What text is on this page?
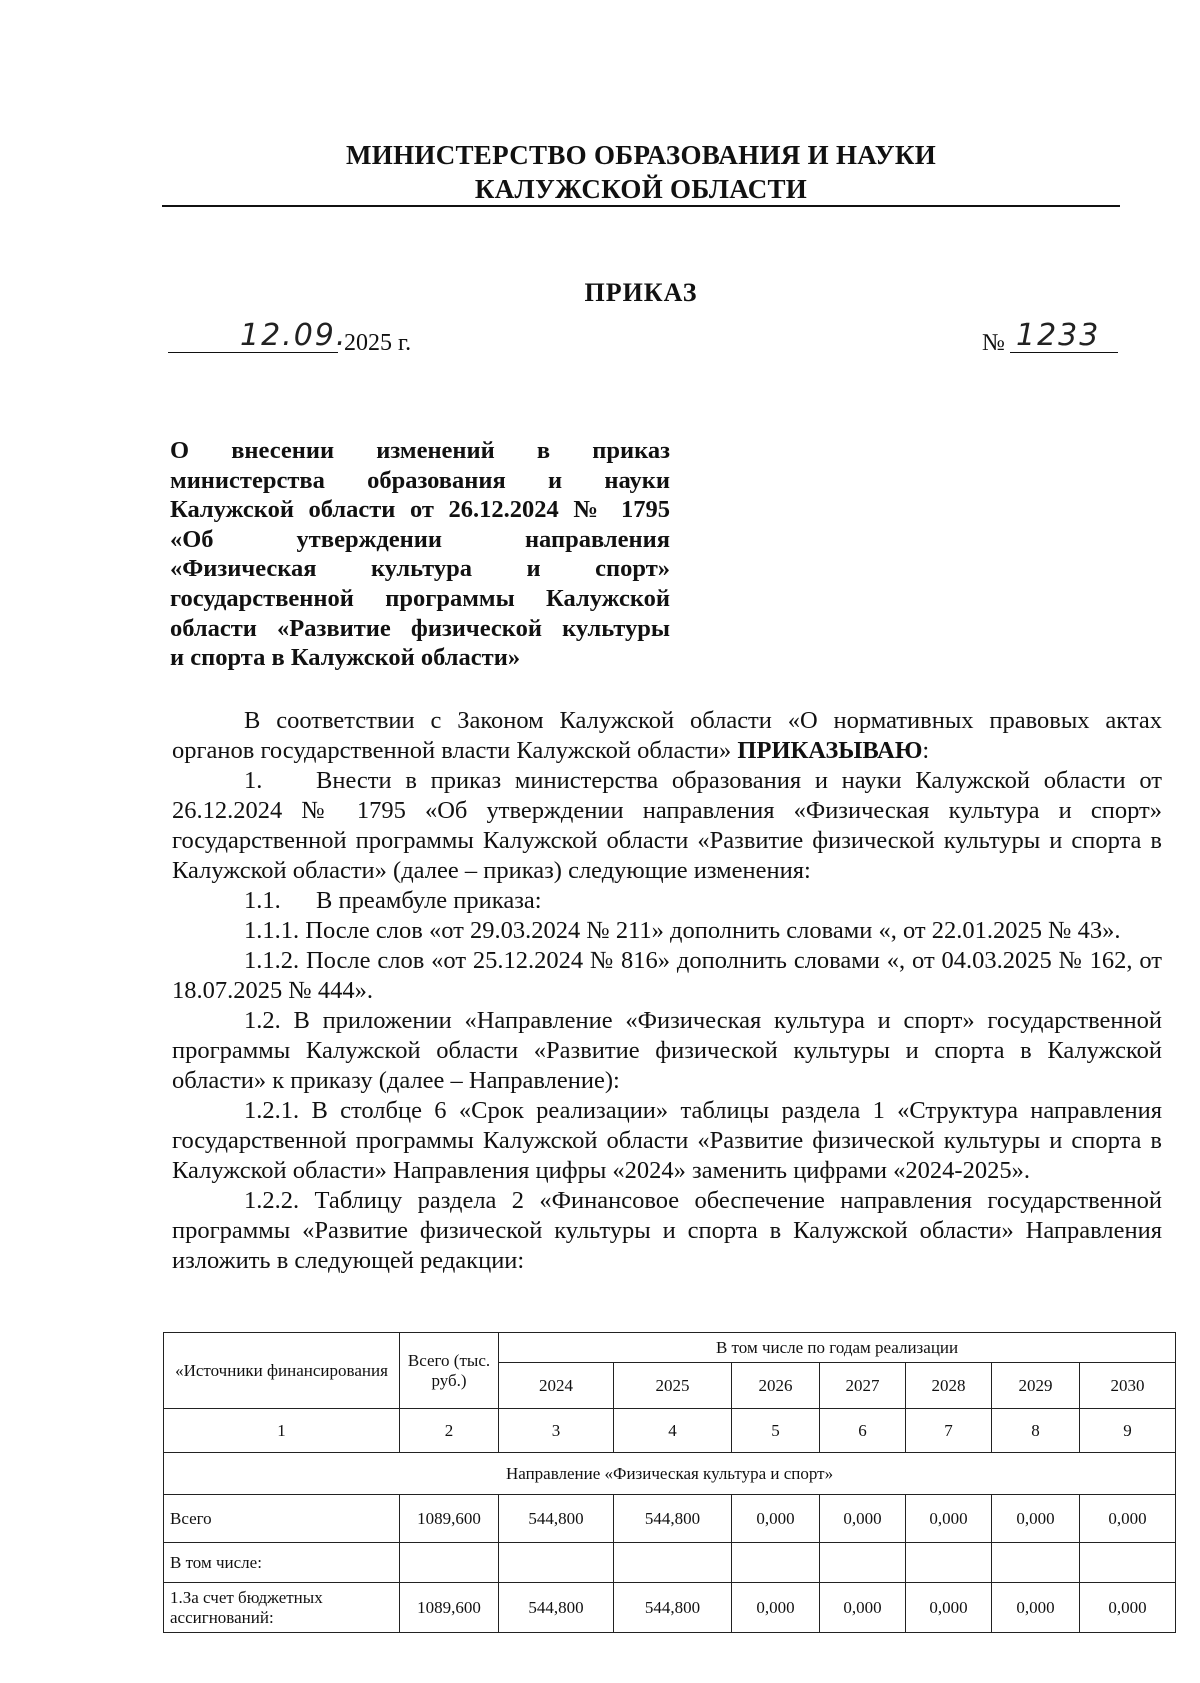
МИНИСТЕРСТВО ОБРАЗОВАНИЯ И НАУКИ
КАЛУЖСКОЙ ОБЛАСТИ
ПРИКАЗ
12.09.
2025 г.	№ 1233
О внесении изменений в приказ
министерства образования и науки
Калужской области от 26.12.2024 № 1795
«Об утверждении направления
«Физическая культура и спорт»
государственной программы Калужской
области «Развитие физической культуры
и спорта в Калужской области»

В соответствии с Законом Калужской области «О нормативных правовых актах органов государственной власти Калужской области» ПРИКАЗЫВАЮ:

1. Внести в приказ министерства образования и науки Калужской области от 26.12.2024 № 1795 «Об утверждении направления «Физическая культура и спорт» государственной программы Калужской области «Развитие физической культуры и спорта в Калужской области» (далее – приказ) следующие изменения:

1.1. В преамбуле приказа:

1.1.1. После слов «от 29.03.2024 № 211» дополнить словами «, от 22.01.2025 № 43».

1.1.2. После слов «от 25.12.2024 № 816» дополнить словами «, от 04.03.2025 № 162, от 18.07.2025 № 444».

1.2. В приложении «Направление «Физическая культура и спорт» государственной программы Калужской области «Развитие физической культуры и спорта в Калужской области» к приказу (далее – Направление):

1.2.1. В столбце 6 «Срок реализации» таблицы раздела 1 «Структура направления государственной программы Калужской области «Развитие физической культуры и спорта в Калужской области» Направления цифры «2024» заменить цифрами «2024-2025».

1.2.2. Таблицу раздела 2 «Финансовое обеспечение направления государственной программы «Развитие физической культуры и спорта в Калужской области» Направления изложить в следующей редакции:

«Источники финансирования	Всего (тыс. руб.)	В том числе по годам реализации						
		2024	2025	2026	2027	2028	2029	2030
1	2	3	4	5	6	7	8	9
Направление «Физическая культура и спорт»								
Всего	1089,600	544,800	544,800	0,000	0,000	0,000	0,000	0,000
В том числе:								
1.За счет бюджетных ассигнований:	1089,600	544,800	544,800	0,000	0,000	0,000	0,000	0,000
